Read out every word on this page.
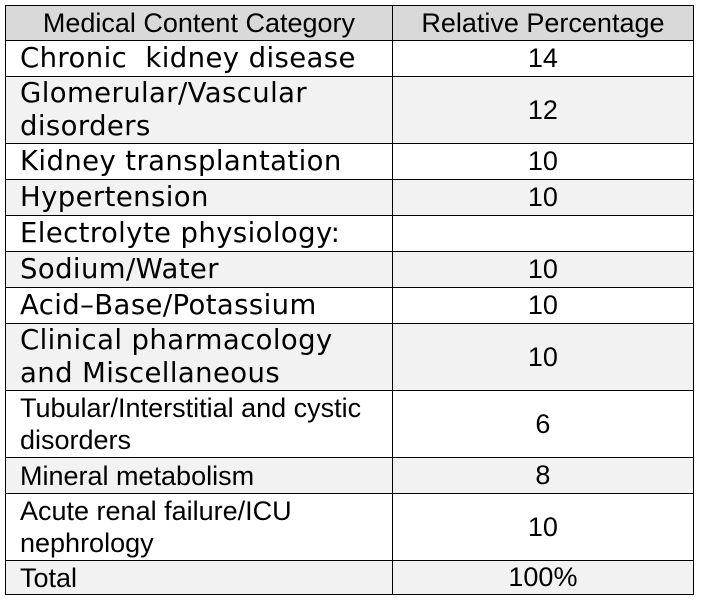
Medical Content Category	Relative Percentage
Chronic  kidney disease	14
Glomerular/Vascular disorders	12
Kidney transplantation	10
Hypertension	10
Electrolyte physiology:	
Sodium/Water	10
Acid–Base/Potassium	10
Clinical pharmacology and Miscellaneous	10
Tubular/Interstitial and cystic disorders	6
Mineral metabolism	8
Acute renal failure/ICU nephrology	10
Total	100%
